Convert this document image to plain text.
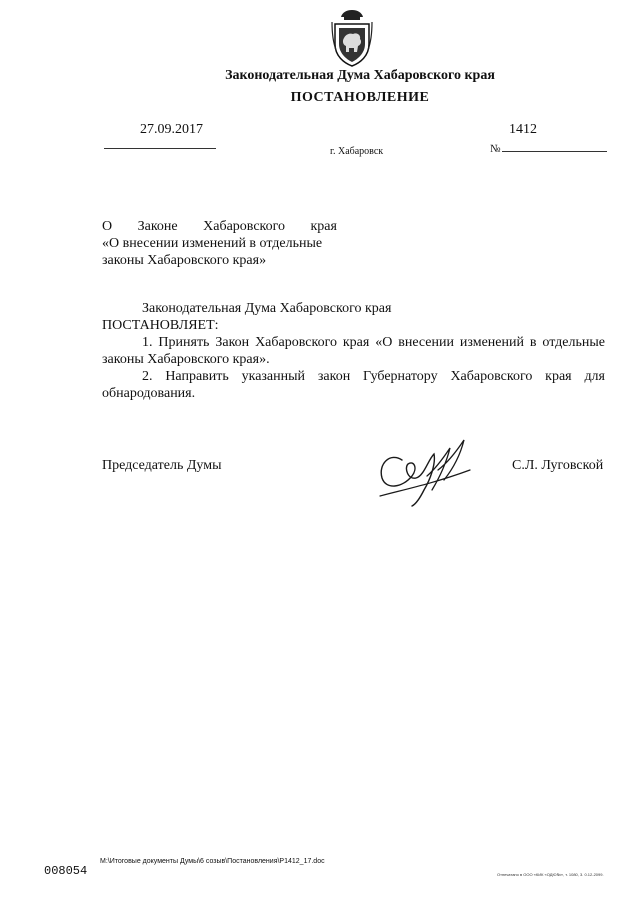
Законодательная Дума Хабаровского края
ПОСТАНОВЛЕНИЕ
27.09.2017
г. Хабаровск
1412
№
О Законе Хабаровского края
«О внесении изменений в отдельные
законы Хабаровского края»

Законодательная Дума Хабаровского края

ПОСТАНОВЛЯЕТ:

1. Принять Закон Хабаровского края «О внесении изменений в отдельные законы Хабаровского края».

2. Направить указанный закон Губернатору Хабаровского края для обнародования.

Председатель Думы	С.Л. Луговской
М:\Итоговые документы Думы\6 созыв\Постановления\P1412_17.doc
008054	Отпечатано в ООО «КИК «ОДЮ№», т. 1080, 3. 0.12-2099.
